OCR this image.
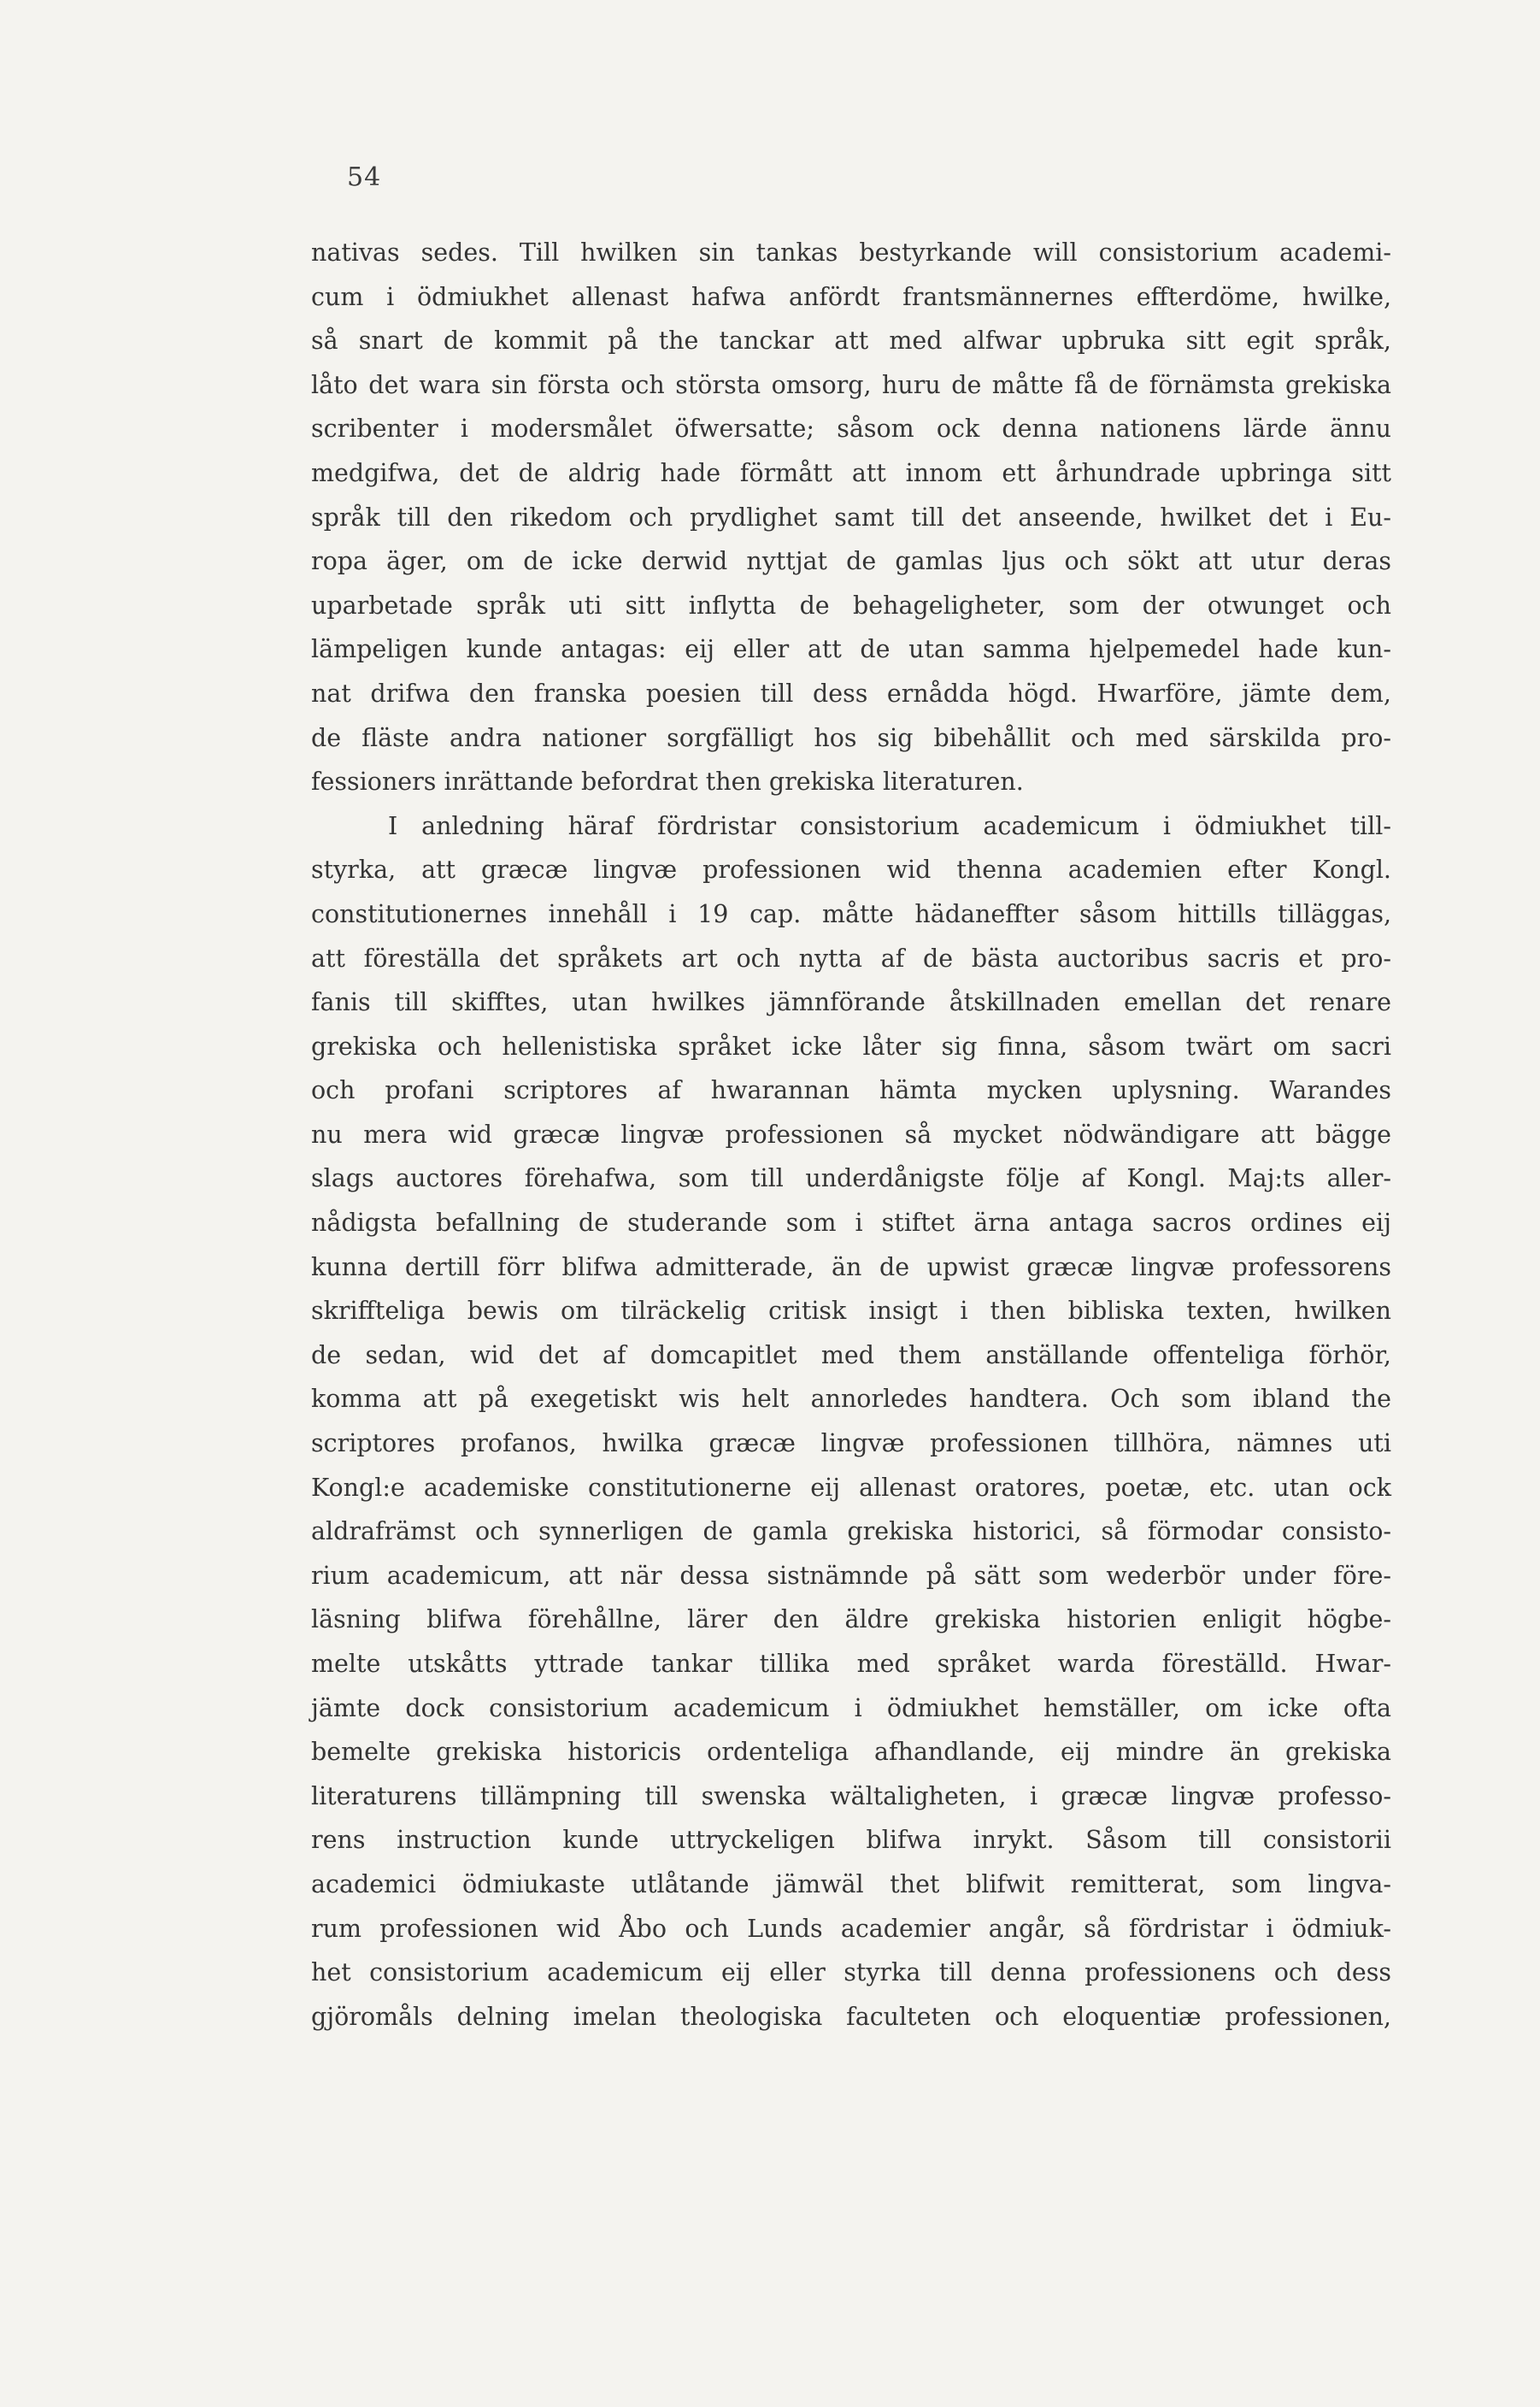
54
nativas sedes. Till hwilken sin tankas bestyrkande will consistorium academi-
cum i ödmiukhet allenast hafwa anfördt frantsmännernes effterdöme, hwilke,
så snart de kommit på the tanckar att med alfwar upbruka sitt egit språk,
låto det wara sin första och största omsorg, huru de måtte få de förnämsta grekiska
scribenter i modersmålet öfwersatte; såsom ock denna nationens lärde ännu
medgifwa, det de aldrig hade förmått att innom ett århundrade upbringa sitt
språk till den rikedom och prydlighet samt till det anseende, hwilket det i Eu-
ropa äger, om de icke derwid nyttjat de gamlas ljus och sökt att utur deras
uparbetade språk uti sitt inflytta de behageligheter, som der otwunget och
lämpeligen kunde antagas: eij eller att de utan samma hjelpemedel hade kun-
nat drifwa den franska poesien till dess ernådda högd. Hwarföre, jämte dem,
de fläste andra nationer sorgfälligt hos sig bibehållit och med särskilda pro-
fessioners inrättande befordrat then grekiska literaturen.
I anledning häraf fördristar consistorium academicum i ödmiukhet till-
styrka, att græcæ lingvæ professionen wid thenna academien efter Kongl.
constitutionernes innehåll i 19 cap. måtte hädaneffter såsom hittills tilläggas,
att föreställa det språkets art och nytta af de bästa auctoribus sacris et pro-
fanis till skifftes, utan hwilkes jämnförande åtskillnaden emellan det renare
grekiska och hellenistiska språket icke låter sig finna, såsom twärt om sacri
och profani scriptores af hwarannan hämta mycken uplysning. Warandes
nu mera wid græcæ lingvæ professionen så mycket nödwändigare att bägge
slags auctores förehafwa, som till underdånigste följe af Kongl. Maj:ts aller-
nådigsta befallning de studerande som i stiftet ärna antaga sacros ordines eij
kunna dertill förr blifwa admitterade, än de upwist græcæ lingvæ professorens
skriffteliga bewis om tilräckelig critisk insigt i then bibliska texten, hwilken
de sedan, wid det af domcapitlet med them anställande offenteliga förhör,
komma att på exegetiskt wis helt annorledes handtera. Och som ibland the
scriptores profanos, hwilka græcæ lingvæ professionen tillhöra, nämnes uti
Kongl:e academiske constitutionerne eij allenast oratores, poetæ, etc. utan ock
aldrafrämst och synnerligen de gamla grekiska historici, så förmodar consisto-
rium academicum, att när dessa sistnämnde på sätt som wederbör under före-
läsning blifwa förehållne, lärer den äldre grekiska historien enligit högbe-
melte utskåtts yttrade tankar tillika med språket warda föreställd. Hwar-
jämte dock consistorium academicum i ödmiukhet hemställer, om icke ofta
bemelte grekiska historicis ordenteliga afhandlande, eij mindre än grekiska
literaturens tillämpning till swenska wältaligheten, i græcæ lingvæ professo-
rens instruction kunde uttryckeligen blifwa inrykt. Såsom till consistorii
academici ödmiukaste utlåtande jämwäl thet blifwit remitterat, som lingva-
rum professionen wid Åbo och Lunds academier angår, så fördristar i ödmiuk-
het consistorium academicum eij eller styrka till denna professionens och dess
gjöromåls delning imelan theologiska faculteten och eloquentiæ professionen,
